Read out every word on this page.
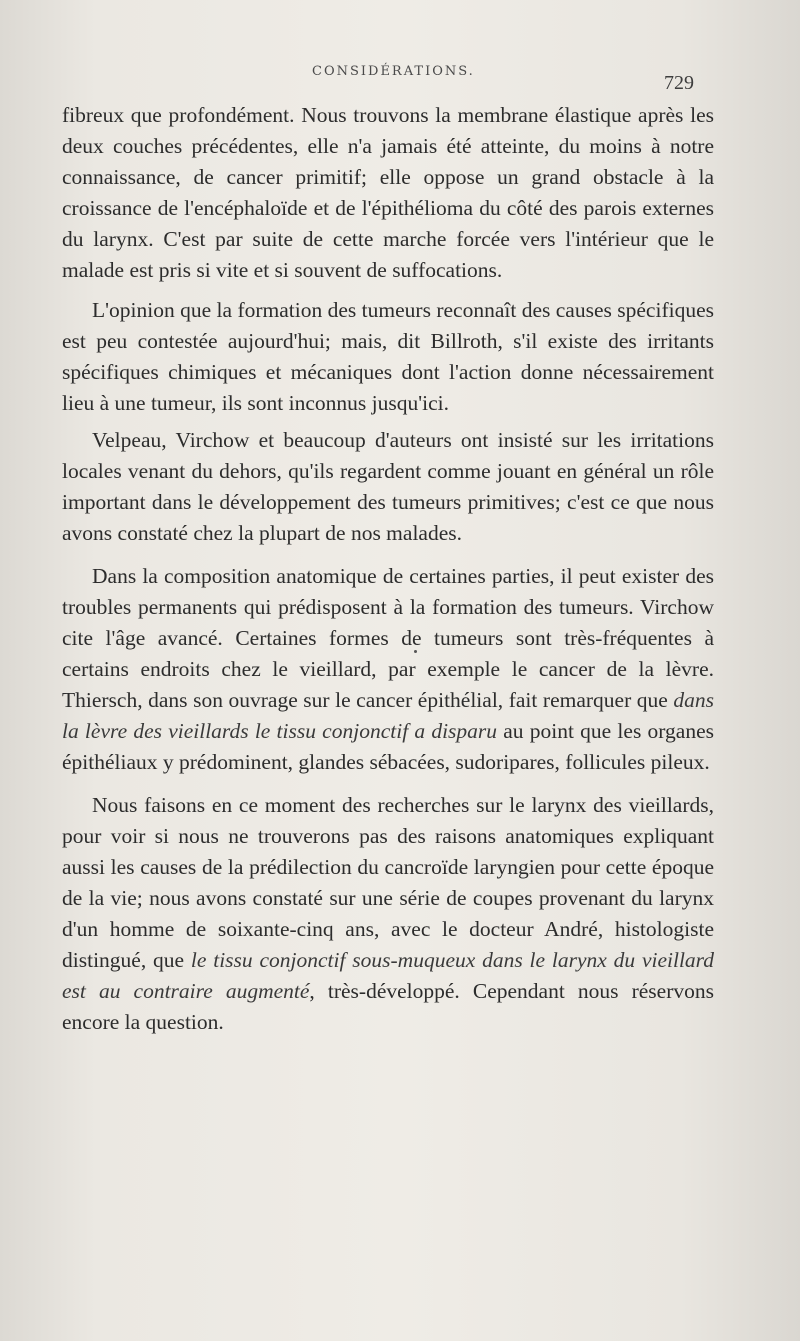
CONSIDÉRATIONS.
729

fibreux que profondément. Nous trouvons la membrane élastique après les deux couches précédentes, elle n'a jamais été atteinte, du moins à notre connaissance, de cancer primitif; elle oppose un grand obstacle à la croissance de l'encéphaloïde et de l'épithélioma du côté des parois externes du larynx. C'est par suite de cette marche forcée vers l'intérieur que le malade est pris si vite et si souvent de suffocations.

L'opinion que la formation des tumeurs reconnaît des causes spécifiques est peu contestée aujourd'hui; mais, dit Billroth, s'il existe des irritants spécifiques chimiques et mécaniques dont l'action donne nécessairement lieu à une tumeur, ils sont inconnus jusqu'ici.

Velpeau, Virchow et beaucoup d'auteurs ont insisté sur les irritations locales venant du dehors, qu'ils regardent comme jouant en général un rôle important dans le développement des tumeurs primitives; c'est ce que nous avons constaté chez la plupart de nos malades.

Dans la composition anatomique de certaines parties, il peut exister des troubles permanents qui prédisposent à la formation des tumeurs. Virchow cite l'âge avancé. Certaines formes de tumeurs sont très-fréquentes à certains endroits chez le vieillard, par exemple le cancer de la lèvre. Thiersch, dans son ouvrage sur le cancer épithélial, fait remarquer que dans la lèvre des vieillards le tissu conjonctif a disparu au point que les organes épithéliaux y prédominent, glandes sébacées, sudoripares, follicules pileux.

Nous faisons en ce moment des recherches sur le larynx des vieillards, pour voir si nous ne trouverons pas des raisons anatomiques expliquant aussi les causes de la prédilection du cancroïde laryngien pour cette époque de la vie; nous avons constaté sur une série de coupes provenant du larynx d'un homme de soixante-cinq ans, avec le docteur André, histologiste distingué, que le tissu conjonctif sous-muqueux dans le larynx du vieillard est au contraire augmenté, très-développé. Cependant nous réservons encore la question.
